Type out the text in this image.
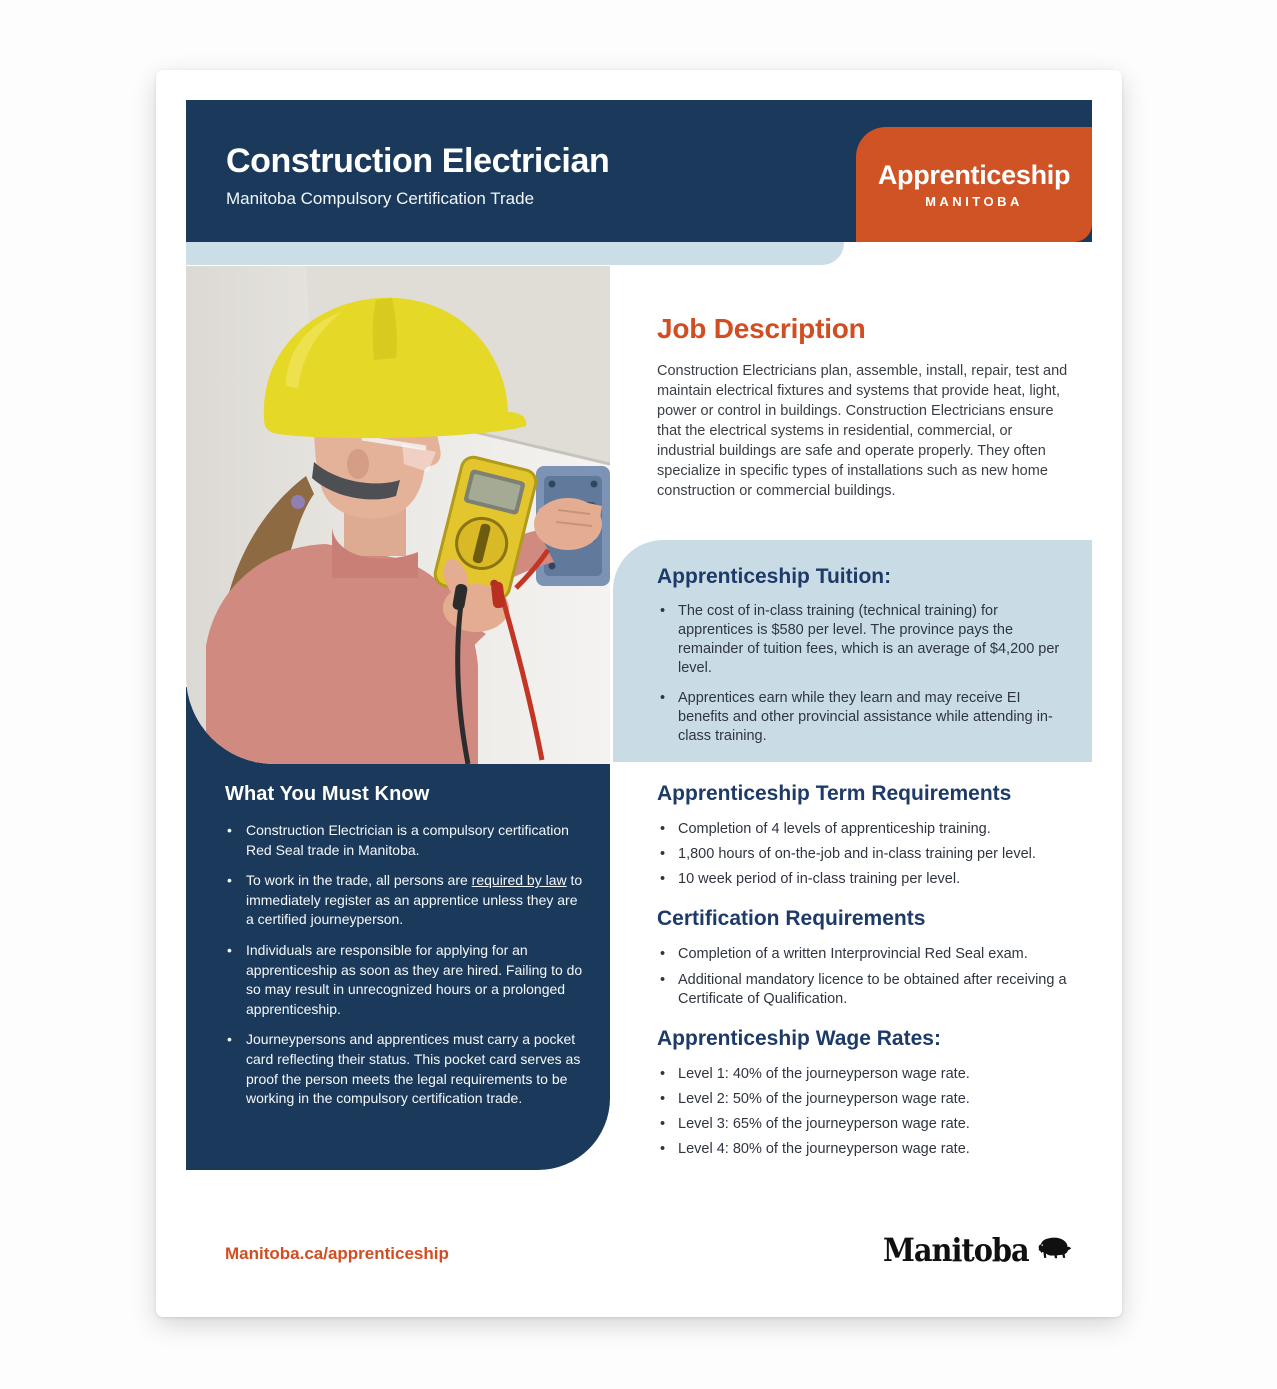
Construction Electrician
Manitoba Compulsory Certification Trade
Apprenticeship
MANITOBA
What You Must Know
• Construction Electrician is a compulsory certification Red Seal trade in Manitoba.
• To work in the trade, all persons are required by law to immediately register as an apprentice unless they are a certified journeyperson.
• Individuals are responsible for applying for an apprenticeship as soon as they are hired. Failing to do so may result in unrecognized hours or a prolonged apprenticeship.
• Journeypersons and apprentices must carry a pocket card reflecting their status. This pocket card serves as proof the person meets the legal requirements to be working in the compulsory certification trade.
Job Description

Construction Electricians plan, assemble, install, repair, test and maintain electrical fixtures and systems that provide heat, light, power or control in buildings. Construction Electricians ensure that the electrical systems in residential, commercial, or industrial buildings are safe and operate properly. They often specialize in specific types of installations such as new home construction or commercial buildings.

Apprenticeship Tuition:
• The cost of in-class training (technical training) for apprentices is $580 per level. The province pays the remainder of tuition fees, which is an average of $4,200 per level.
• Apprentices earn while they learn and may receive EI benefits and other provincial assistance while attending in-class training.
Apprenticeship Term Requirements
• Completion of 4 levels of apprenticeship training.
• 1,800 hours of on-the-job and in-class training per level.
• 10 week period of in-class training per level.
Certification Requirements
• Completion of a written Interprovincial Red Seal exam.
• Additional mandatory licence to be obtained after receiving a Certificate of Qualification.
Apprenticeship Wage Rates:
• Level 1: 40% of the journeyperson wage rate.
• Level 2: 50% of the journeyperson wage rate.
• Level 3: 65% of the journeyperson wage rate.
• Level 4: 80% of the journeyperson wage rate.
Manitoba.ca/apprenticeship	Manitoba
